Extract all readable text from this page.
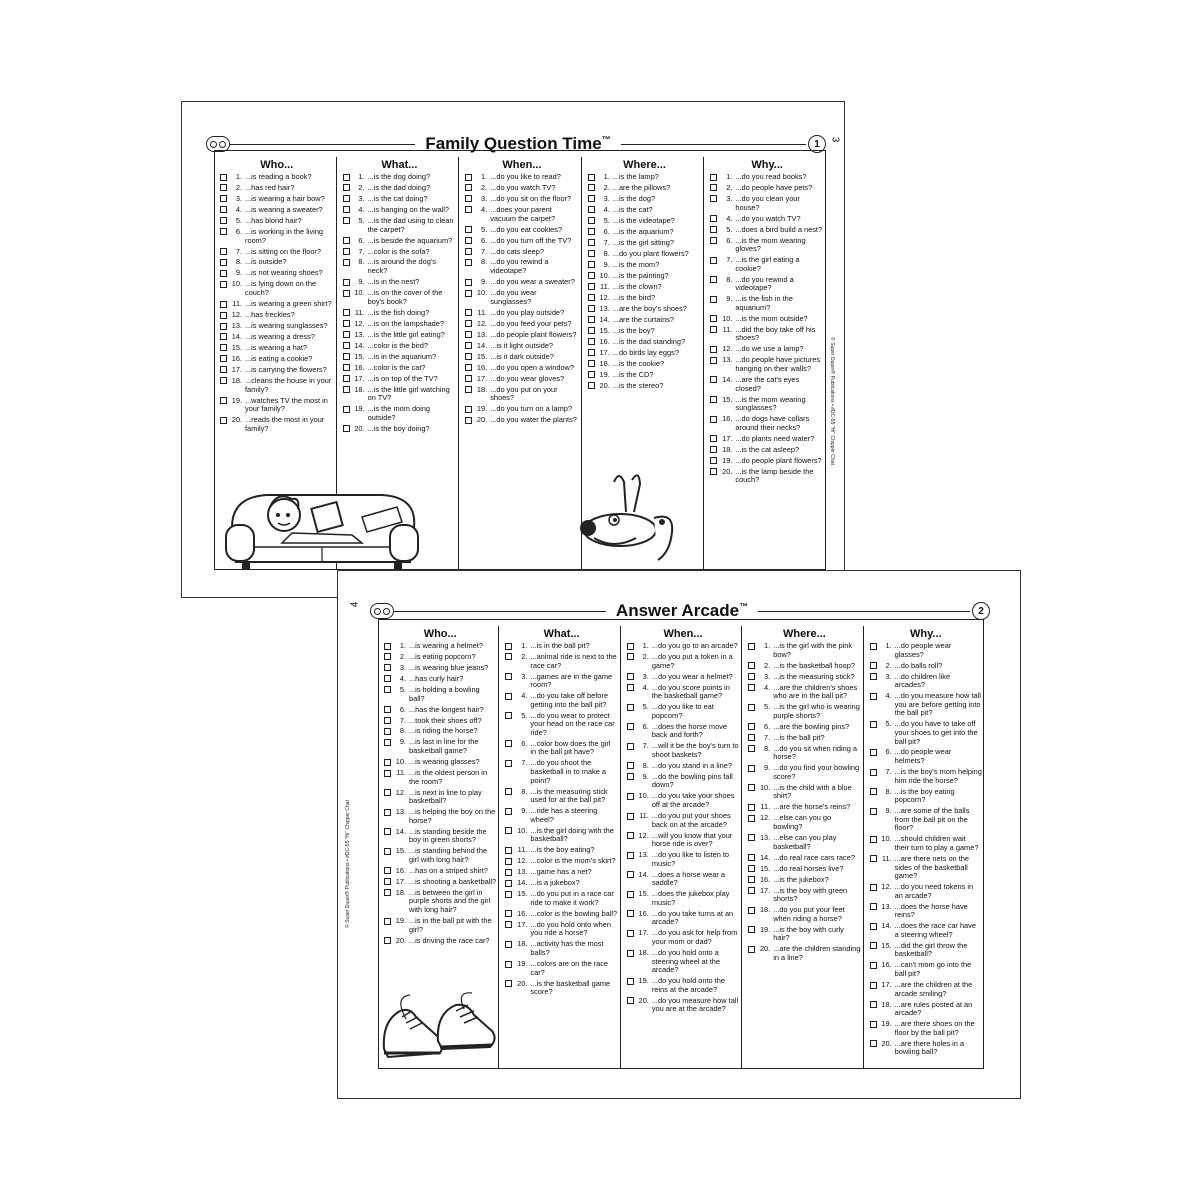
3
Family Question Time™	1
Who...
1. ...is reading a book?
2. ...has red hair?
3. ...is wearing a hair bow?
4. ...is wearing a sweater?
5. ...has blond hair?
6. ...is working in the living room?
7. ...is sitting on the floor?
8. ...is outside?
9. ...is not wearing shoes?
10. ...is lying down on the couch?
11. ...is wearing a green shirt?
12. ...has freckles?
13. ...is wearing sunglasses?
14. ...is wearing a dress?
15. ...is wearing a hat?
16. ...is eating a cookie?
17. ...is carrying the flowers?
18. ...cleans the house in your family?
19. ...watches TV the most in your family?
20. ...reads the most in your family?
What...
1. ...is the dog doing?
2. ...is the dad doing?
3. ...is the cat doing?
4. ...is hanging on the wall?
5. ...is the dad using to clean the carpet?
6. ...is beside the aquarium?
7. ...color is the sofa?
8. ...is around the dog's neck?
9. ...is in the nest?
10. ...is on the cover of the boy's book?
11. ...is the fish doing?
12. ...is on the lampshade?
13. ...is the little girl eating?
14. ...color is the bird?
15. ...is in the aquarium?
16. ...color is the cat?
17. ...is on top of the TV?
18. ...is the little girl watching on TV?
19. ...is the mom doing outside?
20. ...is the boy doing?
When...
1. ...do you like to read?
2. ...do you watch TV?
3. ...do you sit on the floor?
4. ...does your parent vacuum the carpet?
5. ...do you eat cookies?
6. ...do you turn off the TV?
7. ...do cats sleep?
8. ...do you rewind a videotape?
9. ...do you wear a sweater?
10. ...do you wear sunglasses?
11. ...do you play outside?
12. ...do you feed your pets?
13. ...do people plant flowers?
14. ...is it light outside?
15. ...is it dark outside?
16. ...do you open a window?
17. ...do you wear gloves?
18. ...do you put on your shoes?
19. ...do you turn on a lamp?
20. ...do you water the plants?
Where...
1. ...is the lamp?
2. ...are the pillows?
3. ...is the dog?
4. ...is the cat?
5. ...is the videotape?
6. ...is the aquarium?
7. ...is the girl sitting?
8. ...do you plant flowers?
9. ...is the mom?
10. ...is the painting?
11. ...is the clown?
12. ...is the bird?
13. ...are the boy's shoes?
14. ...are the curtains?
15. ...is the boy?
16. ...is the dad standing?
17. ...do birds lay eggs?
18. ...is the cookie?
19. ...is the CD?
20. ...is the stereo?
Why...
1. ...do you read books?
2. ...do people have pets?
3. ...do you clean your house?
4. ...do you watch TV?
5. ...does a bird build a nest?
6. ...is the mom wearing gloves?
7. ...is the girl eating a cookie?
8. ...do you rewind a videotape?
9. ...is the fish in the aquarium?
10. ...is the mom outside?
11. ...did the boy take off his shoes?
12. ...do we use a lamp?
13. ...do people have pictures hanging on their walls?
14. ...are the cat's eyes closed?
15. ...is the mom wearing sunglasses?
16. ...do dogs have collars around their necks?
17. ...do plants need water?
18. ...is the cat asleep?
19. ...do people plant flowers?
20. ...is the lamp beside the couch?
© Super Duper® Publications • #DC-55 "Hi" Chipper Chat
4	Answer Arcade™	2
Who...
1. ...is wearing a helmet?
2. ...is eating popcorn?
3. ...is wearing blue jeans?
4. ...has curly hair?
5. ...is holding a bowling ball?
6. ...has the longest hair?
7. ...took their shoes off?
8. ...is riding the horse?
9. ...is last in line for the basketball game?
10. ...is wearing glasses?
11. ...is the oldest person in the room?
12. ...is next in line to play basketball?
13. ...is helping the boy on the horse?
14. ...is standing beside the boy in green shorts?
15. ...is standing behind the girl with long hair?
16. ...has on a striped shirt?
17. ...is shooting a basketball?
18. ...is between the girl in purple shorts and the girl with long hair?
19. ...is in the ball pit with the girl?
20. ...is driving the race car?
What...
1. ...is in the ball pit?
2. ...animal ride is next to the race car?
3. ...games are in the game room?
4. ...do you take off before getting into the ball pit?
5. ...do you wear to protect your head on the race car ride?
6. ...color bow does the girl in the ball pit have?
7. ...do you shoot the basketball in to make a point?
8. ...is the measuring stick used for at the ball pit?
9. ...ride has a steering wheel?
10. ...is the girl doing with the basketball?
11. ...is the boy eating?
12. ...color is the mom's skirt?
13. ...game has a net?
14. ...is a jukebox?
15. ...do you put in a race car ride to make it work?
16. ...color is the bowling ball?
17. ...do you hold onto when you ride a horse?
18. ...activity has the most balls?
19. ...colors are on the race car?
20. ...is the basketball game score?
When...
1. ...do you go to an arcade?
2. ...do you put a token in a game?
3. ...do you wear a helmet?
4. ...do you score points in the basketball game?
5. ...do you like to eat popcorn?
6. ...does the horse move back and forth?
7. ...will it be the boy's turn to shoot baskets?
8. ...do you stand in a line?
9. ...do the bowling pins fall down?
10. ...do you take your shoes off at the arcade?
11. ...do you put your shoes back on at the arcade?
12. ...will you know that your horse ride is over?
13. ...do you like to listen to music?
14. ...does a horse wear a saddle?
15. ...does the jukebox play music?
16. ...do you take turns at an arcade?
17. ...do you ask for help from your mom or dad?
18. ...do you hold onto a steering wheel at the arcade?
19. ...do you hold onto the reins at the arcade?
20. ...do you measure how tall you are at the arcade?
Where...
1. ...is the girl with the pink bow?
2. ...is the basketball hoop?
3. ...is the measuring stick?
4. ...are the children's shoes who are in the ball pit?
5. ...is the girl who is wearing purple shorts?
6. ...are the bowling pins?
7. ...is the ball pit?
8. ...do you sit when riding a horse?
9. ...do you find your bowling score?
10. ...is the child with a blue shirt?
11. ...are the horse's reins?
12. ...else can you go bowling?
13. ...else can you play basketball?
14. ...do real race cars race?
15. ...do real horses live?
16. ...is the jukebox?
17. ...is the boy with green shorts?
18. ...do you put your feet when riding a horse?
19. ...is the boy with curly hair?
20. ...are the children standing in a line?
Why...
1. ...do people wear glasses?
2. ...do balls roll?
3. ...do children like arcades?
4. ...do you measure how tall you are before getting into the ball pit?
5. ...do you have to take off your shoes to get into the ball pit?
6. ...do people wear helmets?
7. ...is the boy's mom helping him ride the horse?
8. ...is the boy eating popcorn?
9. ...are some of the balls from the ball pit on the floor?
10. ...should children wait their turn to play a game?
11. ...are there nets on the sides of the basketball game?
12. ...do you need tokens in an arcade?
13. ...does the horse have reins?
14. ...does the race car have a steering wheel?
15. ...did the girl throw the basketball?
16. ...can't mom go into the ball pit?
17. ...are the children at the arcade smiling?
18. ...are rules posted at an arcade?
19. ...are there shoes on the floor by the ball pit?
20. ...are there holes in a bowling ball?
© Super Duper® Publications • #DC-55 "Hi" Chipper Chat
